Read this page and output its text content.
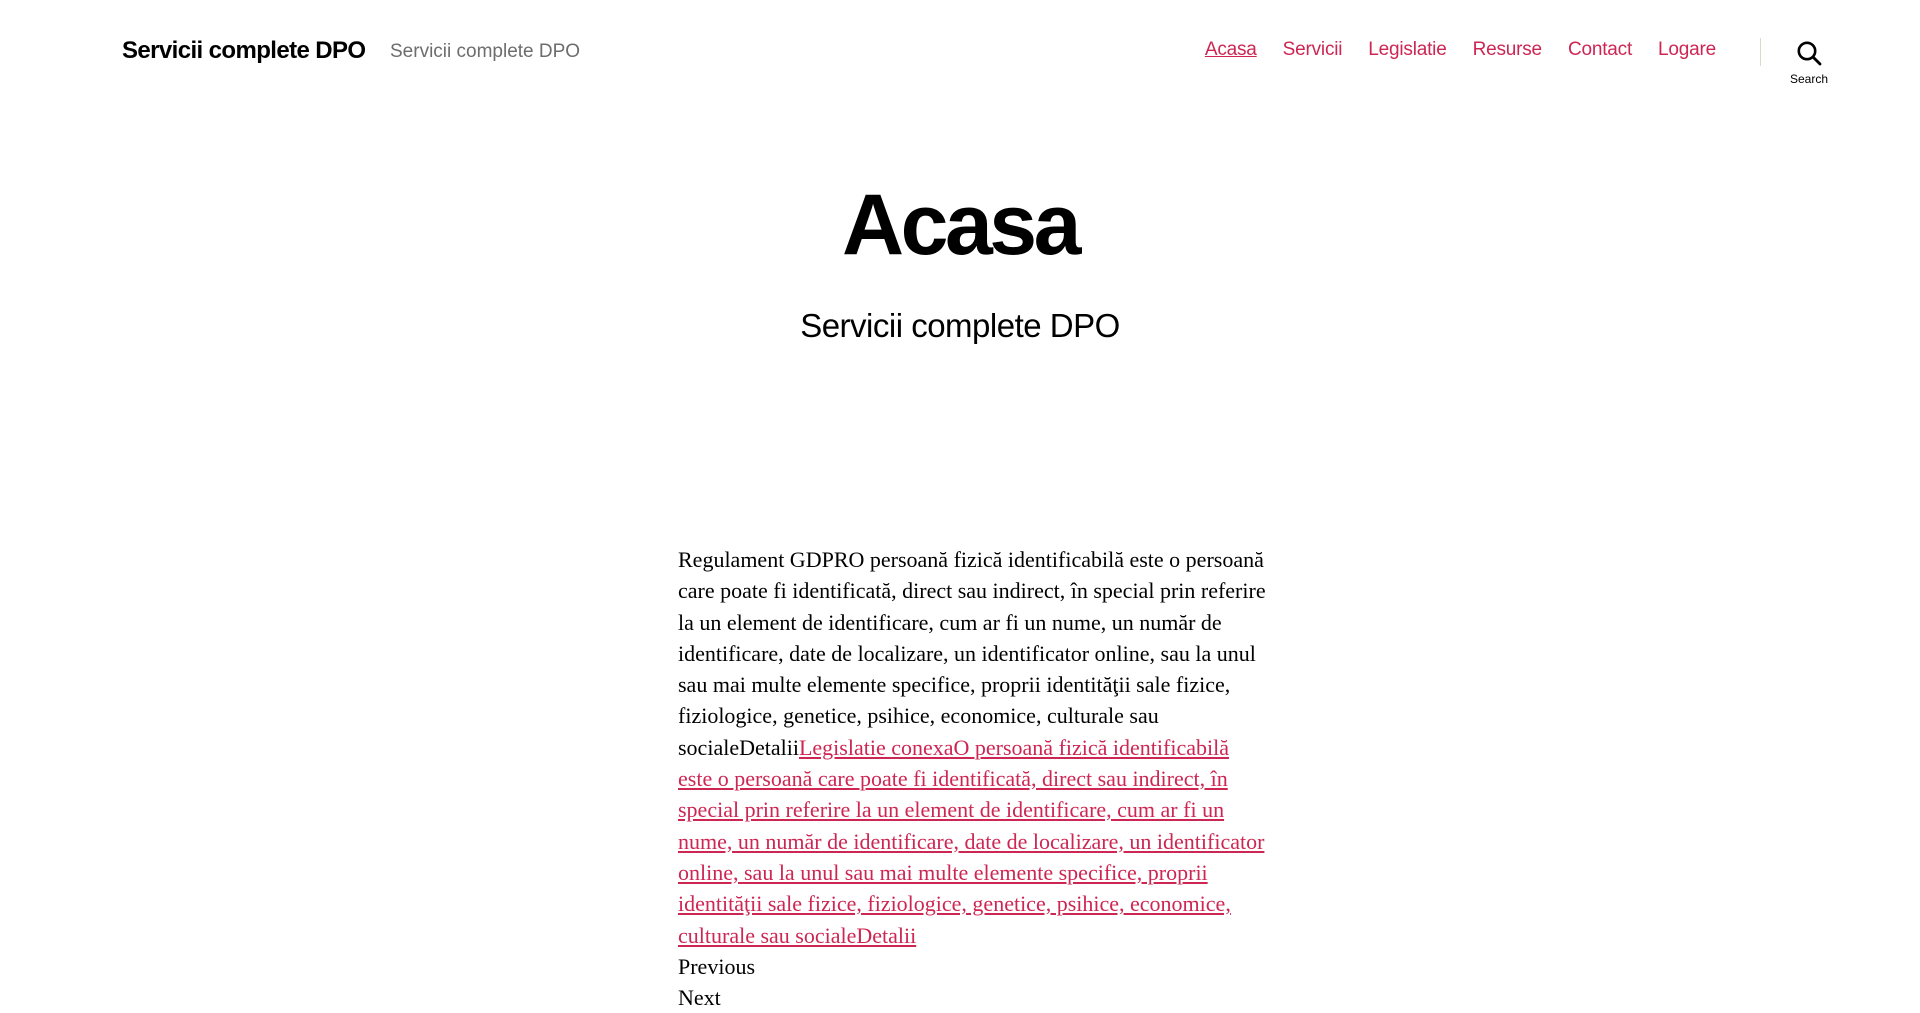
Servicii complete DPO Servicii complete DPO	Acasa Servicii Legislatie Resurse Contact Logare
Search
Acasa
Servicii complete DPO
Regulament GDPRO persoană fizică identificabilă este o persoană care poate fi identificată, direct sau indirect, în special prin referire la un element de identificare, cum ar fi un nume, un număr de identificare, date de localizare, un identificator online, sau la unul sau mai multe elemente specifice, proprii identităţii sale fizice, fiziologice, genetice, psihice, economice, culturale sau socialeDetaliiLegislatie conexaO persoană fizică identificabilă este o persoană care poate fi identificată, direct sau indirect, în special prin referire la un element de identificare, cum ar fi un nume, un număr de identificare, date de localizare, un identificator online, sau la unul sau mai multe elemente specifice, proprii identităţii sale fizice, fiziologice, genetice, psihice, economice, culturale sau socialeDetalii
Previous
Next
